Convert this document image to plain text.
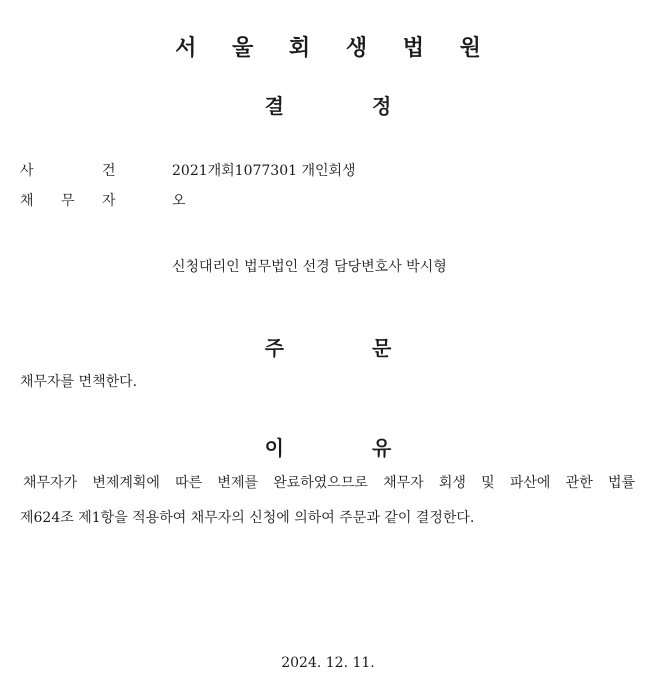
서 울 회 생 법 원
결	정
사	건	2021개회1077301 개인회생
채 무 자	오
신청대리인 법무법인 선경 담당변호사 박시형
주	문
채무자를 면책한다.
이	유
채무자가 변제계획에 따른 변제를 완료하였으므로 채무자 회생 및 파산에 관한 법률
제624조 제1항을 적용하여 채무자의 신청에 의하여 주문과 같이 결정한다.
2024. 12. 11.
